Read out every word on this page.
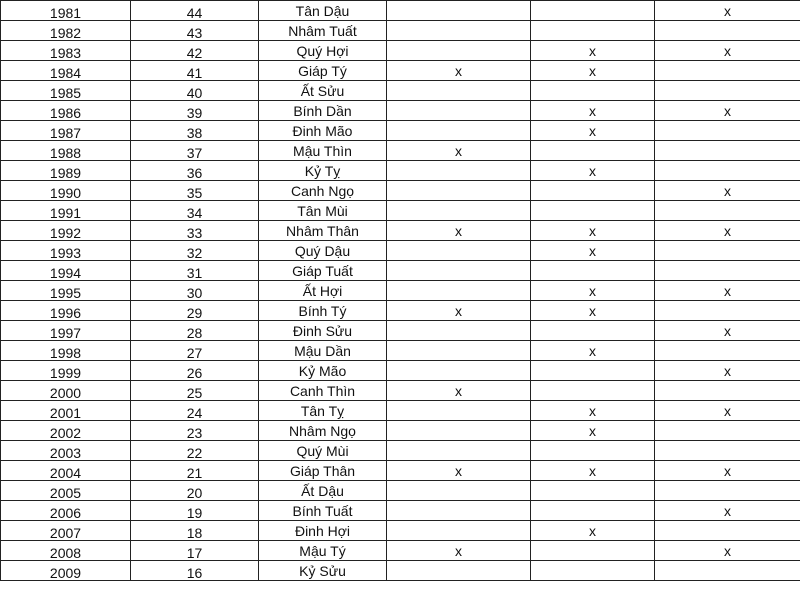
1981	44	Tân Dậu			x
1982	43	Nhâm Tuất			
1983	42	Quý Hợi		x	x
1984	41	Giáp Tý	x	x	
1985	40	Ất Sửu			
1986	39	Bính Dần		x	x
1987	38	Đinh Mão		x	
1988	37	Mậu Thìn	x		
1989	36	Kỷ Tỵ		x	
1990	35	Canh Ngọ			x
1991	34	Tân Mùi			
1992	33	Nhâm Thân	x	x	x
1993	32	Quý Dậu		x	
1994	31	Giáp Tuất			
1995	30	Ất Hợi		x	x
1996	29	Bính Tý	x	x	
1997	28	Đinh Sửu			x
1998	27	Mậu Dần		x	
1999	26	Kỷ Mão			x
2000	25	Canh Thìn	x		
2001	24	Tân Tỵ		x	x
2002	23	Nhâm Ngọ		x	
2003	22	Quý Mùi			
2004	21	Giáp Thân	x	x	x
2005	20	Ất Dậu			
2006	19	Bính Tuất			x
2007	18	Đinh Hợi		x	
2008	17	Mậu Tý	x		x
2009	16	Kỷ Sửu			
